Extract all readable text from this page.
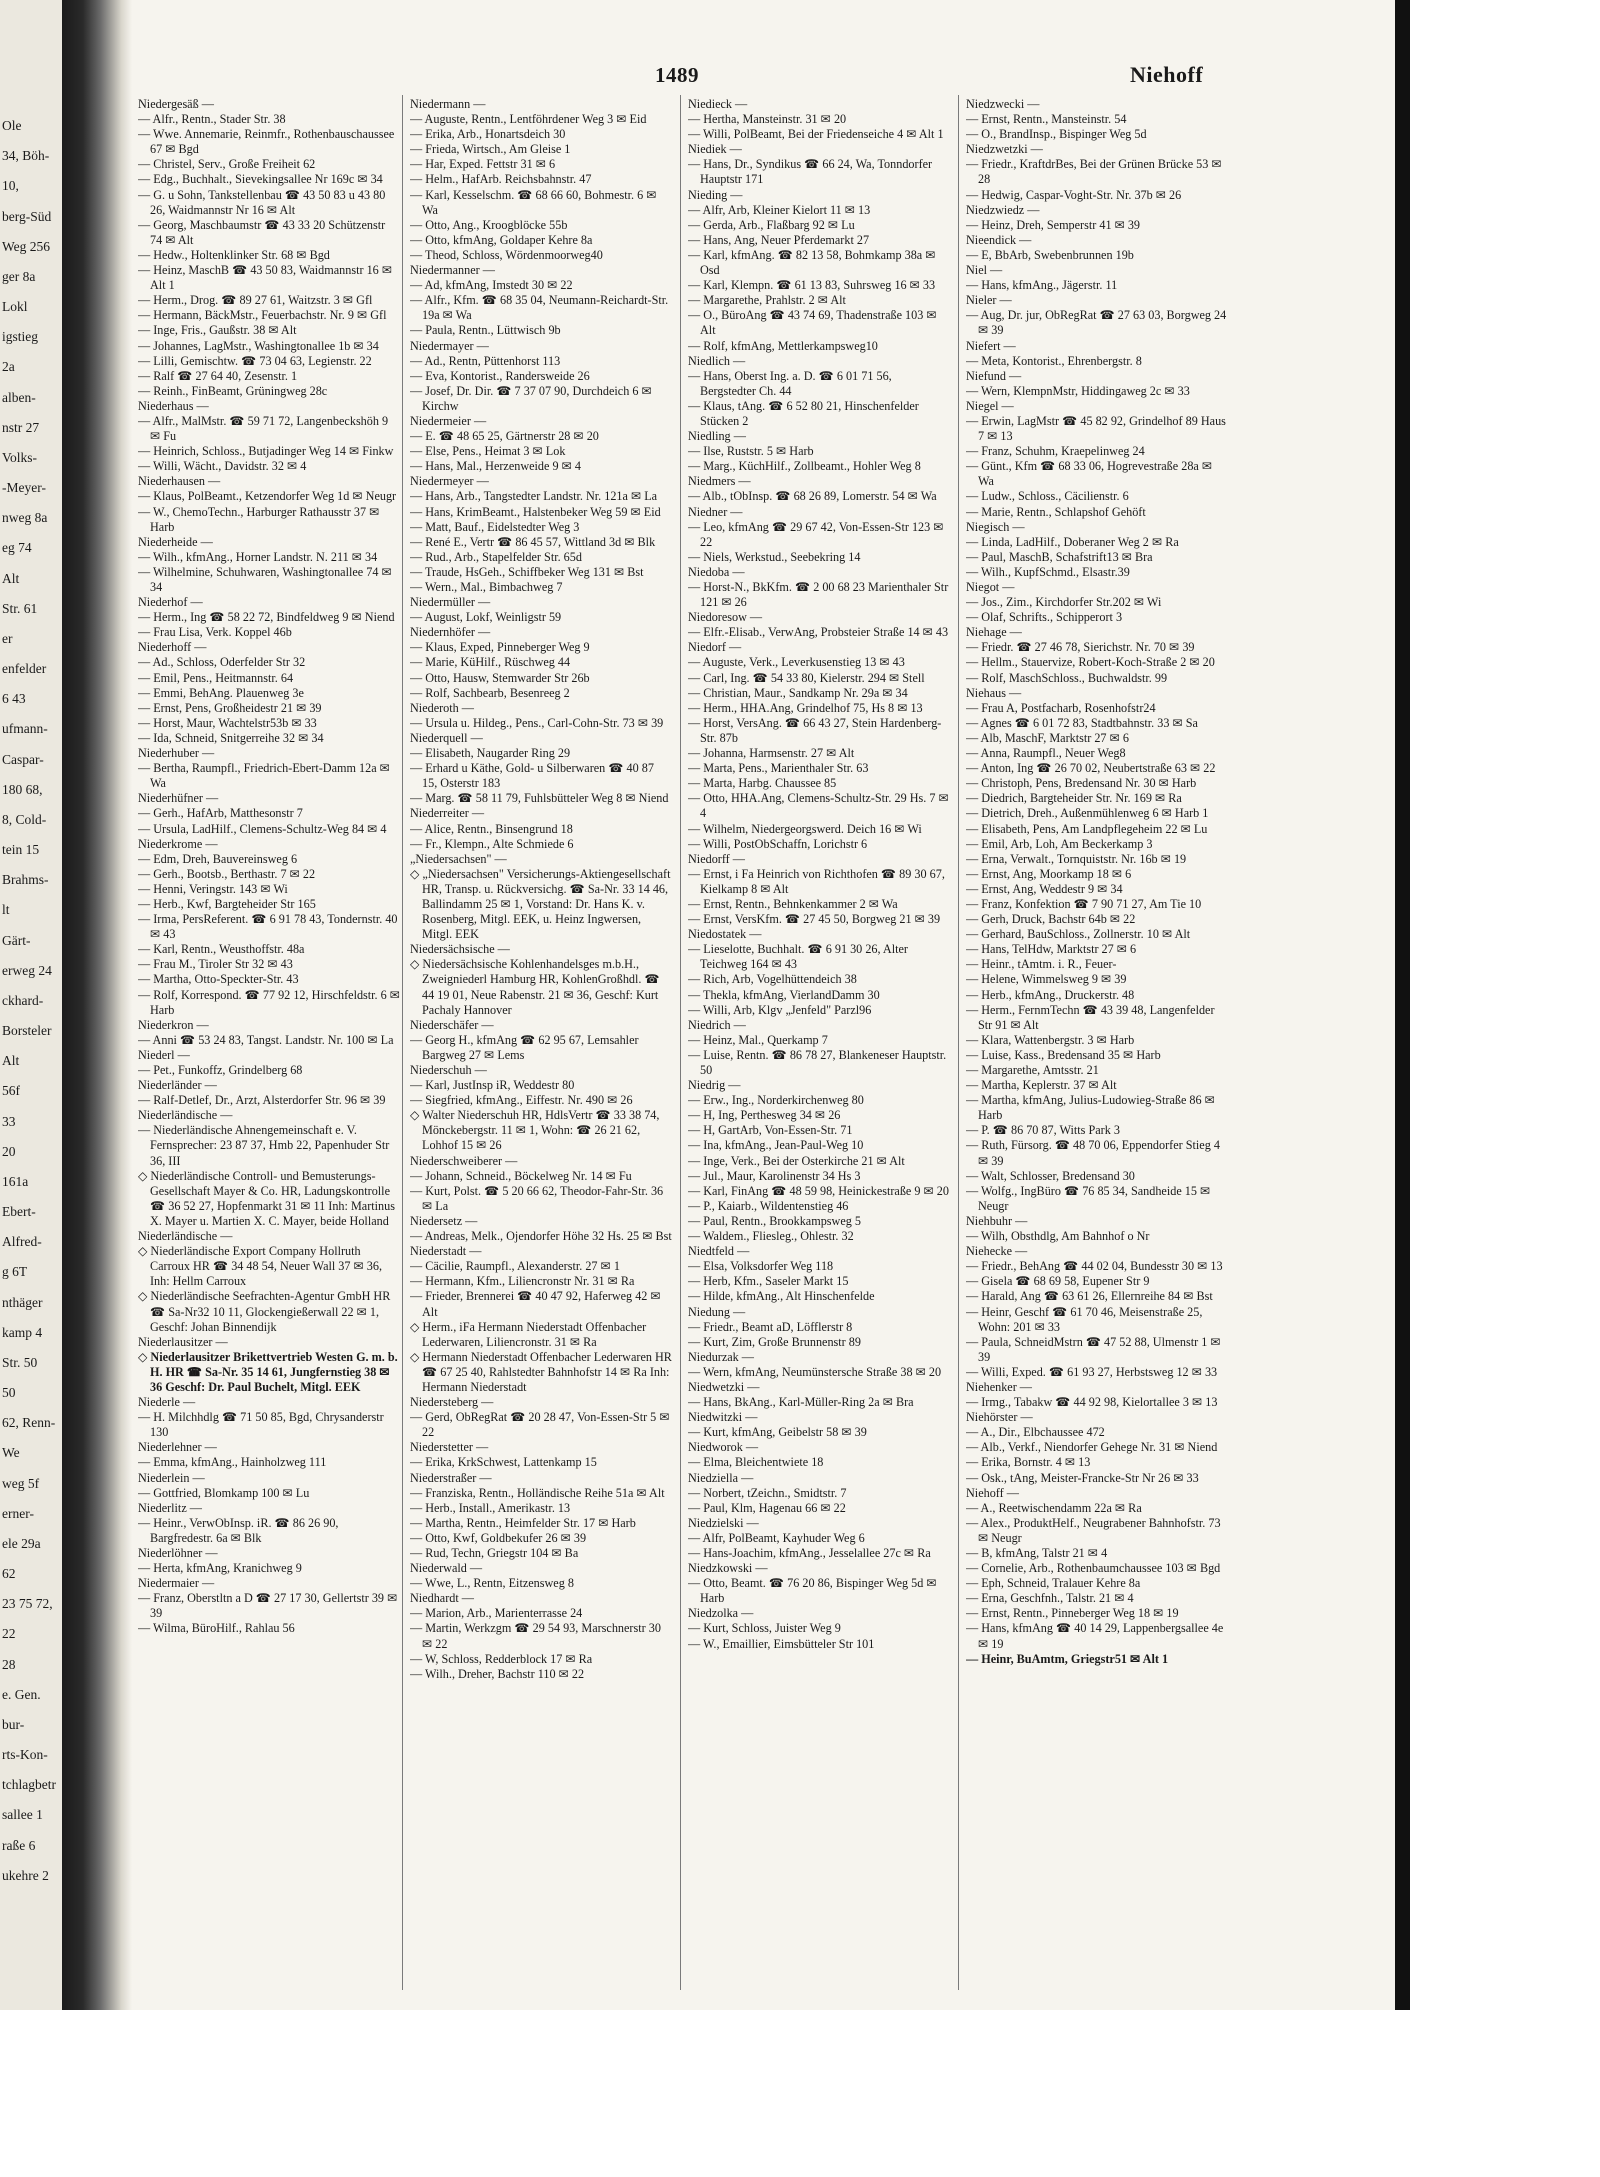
Ole
34, Böh-
10,
berg-Süd
Weg 256
ger 8a
Lokl
igstieg
2a
alben-
nstr 27
Volks-
-Meyer-
nweg 8a
eg 74
Alt
Str. 61
er
enfelder
6 43
ufmann-
Caspar-
180 68,
8, Cold-
tein 15
Brahms-
lt
Gärt-
erweg 24
ckhard-
Borsteler
Alt
56f
33
20
161a
Ebert-
Alfred-
g 6T
nthäger
kamp 4
Str. 50
50
62, Renn-
We
weg 5f
erner-
ele 29a
62
23 75 72,
22
28
e. Gen.
bur-
rts-Kon-
tchlagbetr
sallee 1
raße 6
ukehre 2
1489	Niehoff
Niedergesäß —
— Alfr., Rentn., Stader Str. 38
— Wwe. Annemarie, Reinmfr., Rothenbauschaussee 67 ✉ Bgd
— Christel, Serv., Große Freiheit 62
— Edg., Buchhalt., Sievekingsallee Nr 169c ✉ 34
— G. u Sohn, Tankstellenbau ☎ 43 50 83 u 43 80 26, Waidmannstr Nr 16 ✉ Alt
— Georg, Maschbaumstr ☎ 43 33 20 Schützenstr 74 ✉ Alt
— Hedw., Holtenklinker Str. 68 ✉ Bgd
— Heinz, MaschB ☎ 43 50 83, Waidmannstr 16 ✉ Alt 1
— Herm., Drog. ☎ 89 27 61, Waitzstr. 3 ✉ Gfl
— Hermann, BäckMstr., Feuerbachstr. Nr. 9 ✉ Gfl
— Inge, Fris., Gaußstr. 38 ✉ Alt
— Johannes, LagMstr., Washingtonallee 1b ✉ 34
— Lilli, Gemischtw. ☎ 73 04 63, Legienstr. 22
— Ralf ☎ 27 64 40, Zesenstr. 1
— Reinh., FinBeamt, Grüningweg 28c
Niederhaus —
— Alfr., MalMstr. ☎ 59 71 72, Langenbeckshöh 9 ✉ Fu
— Heinrich, Schloss., Butjadinger Weg 14 ✉ Finkw
— Willi, Wächt., Davidstr. 32 ✉ 4
Niederhausen —
— Klaus, PolBeamt., Ketzendorfer Weg 1d ✉ Neugr
— W., ChemoTechn., Harburger Rathausstr 37 ✉ Harb
Niederheide —
— Wilh., kfmAng., Horner Landstr. N. 211 ✉ 34
— Wilhelmine, Schuhwaren, Washingtonallee 74 ✉ 34
Niederhof —
— Herm., Ing ☎ 58 22 72, Bindfeldweg 9 ✉ Niend
— Frau Lisa, Verk. Koppel 46b
Niederhoff —
— Ad., Schloss, Oderfelder Str 32
— Emil, Pens., Heitmannstr. 64
— Emmi, BehAng. Plauenweg 3e
— Ernst, Pens, Großheidestr 21 ✉ 39
— Horst, Maur, Wachtelstr53b ✉ 33
— Ida, Schneid, Snitgerreihe 32 ✉ 34
Niederhuber —
— Bertha, Raumpfl., Friedrich-Ebert-Damm 12a ✉ Wa
Niederhüfner —
— Gerh., HafArb, Matthesonstr 7
— Ursula, LadHilf., Clemens-Schultz-Weg 84 ✉ 4
Niederkrome —
— Edm, Dreh, Bauvereinsweg 6
— Gerh., Bootsb., Berthastr. 7 ✉ 22
— Henni, Veringstr. 143 ✉ Wi
— Herb., Kwf, Bargteheider Str 165
— Irma, PersReferent. ☎ 6 91 78 43, Tondernstr. 40 ✉ 43
— Karl, Rentn., Weusthoffstr. 48a
— Frau M., Tiroler Str 32 ✉ 43
— Martha, Otto-Speckter-Str. 43
— Rolf, Korrespond. ☎ 77 92 12, Hirschfeldstr. 6 ✉ Harb
Niederkron —
— Anni ☎ 53 24 83, Tangst. Landstr. Nr. 100 ✉ La
Niederl —
— Pet., Funkoffz, Grindelberg 68
Niederländer —
— Ralf-Detlef, Dr., Arzt, Alsterdorfer Str. 96 ✉ 39
Niederländische —
— Niederländische Ahnengemeinschaft e. V. Fernsprecher: 23 87 37, Hmb 22, Papenhuder Str 36, III
◇ Niederländische Controll- und Bemusterungs-Gesellschaft Mayer & Co. HR, Ladungskontrolle ☎ 36 52 27, Hopfenmarkt 31 ✉ 11 Inh: Martinus X. Mayer u. Martien X. C. Mayer, beide Holland
Niederländische —
◇ Niederländische Export Company Hollruth Carroux HR ☎ 34 48 54, Neuer Wall 37 ✉ 36, Inh: Hellm Carroux
◇ Niederländische Seefrachten-Agentur GmbH HR ☎ Sa-Nr32 10 11, Glockengießerwall 22 ✉ 1, Geschf: Johan Binnendijk
Niederlausitzer —
◇ Niederlausitzer Brikettvertrieb Westen G. m. b. H. HR ☎ Sa-Nr. 35 14 61, Jungfernstieg 38 ✉ 36 Geschf: Dr. Paul Buchelt, Mitgl. EEK
Niederle —
— H. Milchhdlg ☎ 71 50 85, Bgd, Chrysanderstr 130
Niederlehner —
— Emma, kfmAng., Hainholzweg 111
Niederlein —
— Gottfried, Blomkamp 100 ✉ Lu
Niederlitz —
— Heinr., VerwObInsp. iR. ☎ 86 26 90, Bargfredestr. 6a ✉ Blk
Niederlöhner —
— Herta, kfmAng, Kranichweg 9
Niedermaier —
— Franz, Oberstltn a D ☎ 27 17 30, Gellertstr 39 ✉ 39
— Wilma, BüroHilf., Rahlau 56
Niedermann —
— Auguste, Rentn., Lentföhrdener Weg 3 ✉ Eid
— Erika, Arb., Honartsdeich 30
— Frieda, Wirtsch., Am Gleise 1
— Har, Exped. Fettstr 31 ✉ 6
— Helm., HafArb. Reichsbahnstr. 47
— Karl, Kesselschm. ☎ 68 66 60, Bohmestr. 6 ✉ Wa
— Otto, Ang., Kroogblöcke 55b
— Otto, kfmAng, Goldaper Kehre 8a
— Theod, Schloss, Wördenmoorweg40
Niedermanner —
— Ad, kfmAng, Imstedt 30 ✉ 22
— Alfr., Kfm. ☎ 68 35 04, Neumann-Reichardt-Str. 19a ✉ Wa
— Paula, Rentn., Lüttwisch 9b
Niedermayer —
— Ad., Rentn, Püttenhorst 113
— Eva, Kontorist., Randersweide 26
— Josef, Dr. Dir. ☎ 7 37 07 90, Durchdeich 6 ✉ Kirchw
Niedermeier —
— E. ☎ 48 65 25, Gärtnerstr 28 ✉ 20
— Else, Pens., Heimat 3 ✉ Lok
— Hans, Mal., Herzenweide 9 ✉ 4
Niedermeyer —
— Hans, Arb., Tangstedter Landstr. Nr. 121a ✉ La
— Hans, KrimBeamt., Halstenbeker Weg 59 ✉ Eid
— Matt, Bauf., Eidelstedter Weg 3
— René E., Vertr ☎ 86 45 57, Wittland 3d ✉ Blk
— Rud., Arb., Stapelfelder Str. 65d
— Traude, HsGeh., Schiffbeker Weg 131 ✉ Bst
— Wern., Mal., Bimbachweg 7
Niedermüller —
— August, Lokf, Weinligstr 59
Niedernhöfer —
— Klaus, Exped, Pinneberger Weg 9
— Marie, KüHilf., Rüschweg 44
— Otto, Hausw, Stemwarder Str 26b
— Rolf, Sachbearb, Besenreeg 2
Niederoth —
— Ursula u. Hildeg., Pens., Carl-Cohn-Str. 73 ✉ 39
Niederquell —
— Elisabeth, Naugarder Ring 29
— Erhard u Käthe, Gold- u Silberwaren ☎ 40 87 15, Osterstr 183
— Marg. ☎ 58 11 79, Fuhlsbütteler Weg 8 ✉ Niend
Niederreiter —
— Alice, Rentn., Binsengrund 18
— Fr., Klempn., Alte Schmiede 6
„Niedersachsen" —
◇ „Niedersachsen" Versicherungs-Aktiengesellschaft HR, Transp. u. Rückversichg. ☎ Sa-Nr. 33 14 46, Ballindamm 25 ✉ 1, Vorstand: Dr. Hans K. v. Rosenberg, Mitgl. EEK, u. Heinz Ingwersen, Mitgl. EEK
Niedersächsische —
◇ Niedersächsische Kohlenhandelsges m.b.H., Zweigniederl Hamburg HR, KohlenGroßhdl. ☎ 44 19 01, Neue Rabenstr. 21 ✉ 36, Geschf: Kurt Pachaly Hannover
Niederschäfer —
— Georg H., kfmAng ☎ 62 95 67, Lemsahler Bargweg 27 ✉ Lems
Niederschuh —
— Karl, JustInsp iR, Weddestr 80
— Siegfried, kfmAng., Eiffestr. Nr. 490 ✉ 26
◇ Walter Niederschuh HR, HdlsVertr ☎ 33 38 74, Mönckebergstr. 11 ✉ 1, Wohn: ☎ 26 21 62, Lohhof 15 ✉ 26
Niederschweiberer —
— Johann, Schneid., Böckelweg Nr. 14 ✉ Fu
— Kurt, Polst. ☎ 5 20 66 62, Theodor-Fahr-Str. 36 ✉ La
Niedersetz —
— Andreas, Melk., Ojendorfer Höhe 32 Hs. 25 ✉ Bst
Niederstadt —
— Cäcilie, Raumpfl., Alexanderstr. 27 ✉ 1
— Hermann, Kfm., Liliencronstr Nr. 31 ✉ Ra
— Frieder, Brennerei ☎ 40 47 92, Haferweg 42 ✉ Alt
◇ Herm., iFa Hermann Niederstadt Offenbacher Lederwaren, Liliencronstr. 31 ✉ Ra
◇ Hermann Niederstadt Offenbacher Lederwaren HR ☎ 67 25 40, Rahlstedter Bahnhofstr 14 ✉ Ra Inh: Hermann Niederstadt
Niedersteberg —
— Gerd, ObRegRat ☎ 20 28 47, Von-Essen-Str 5 ✉ 22
Niederstetter —
— Erika, KrkSchwest, Lattenkamp 15
Niederstraßer —
— Franziska, Rentn., Holländische Reihe 51a ✉ Alt
— Herb., Install., Amerikastr. 13
— Martha, Rentn., Heimfelder Str. 17 ✉ Harb
— Otto, Kwf, Goldbekufer 26 ✉ 39
— Rud, Techn, Griegstr 104 ✉ Ba
Niederwald —
— Wwe, L., Rentn, Eitzensweg 8
Niedhardt —
— Marion, Arb., Marienterrasse 24
— Martin, Werkzgm ☎ 29 54 93, Marschnerstr 30 ✉ 22
— W, Schloss, Redderblock 17 ✉ Ra
— Wilh., Dreher, Bachstr 110 ✉ 22
Niedieck —
— Hertha, Mansteinstr. 31 ✉ 20
— Willi, PolBeamt, Bei der Friedenseiche 4 ✉ Alt 1
Niediek —
— Hans, Dr., Syndikus ☎ 66 24, Wa, Tonndorfer Hauptstr 171
Nieding —
— Alfr, Arb, Kleiner Kielort 11 ✉ 13
— Gerda, Arb., Flaßbarg 92 ✉ Lu
— Hans, Ang, Neuer Pferdemarkt 27
— Karl, kfmAng. ☎ 82 13 58, Bohmkamp 38a ✉ Osd
— Karl, Klempn. ☎ 61 13 83, Suhrsweg 16 ✉ 33
— Margarethe, Prahlstr. 2 ✉ Alt
— O., BüroAng ☎ 43 74 69, Thadenstraße 103 ✉ Alt
— Rolf, kfmAng, Mettlerkampsweg10
Niedlich —
— Hans, Oberst Ing. a. D. ☎ 6 01 71 56, Bergstedter Ch. 44
— Klaus, tAng. ☎ 6 52 80 21, Hinschenfelder Stücken 2
Niedling —
— Ilse, Ruststr. 5 ✉ Harb
— Marg., KüchHilf., Zollbeamt., Hohler Weg 8
Niedmers —
— Alb., tObInsp. ☎ 68 26 89, Lomerstr. 54 ✉ Wa
Niedner —
— Leo, kfmAng ☎ 29 67 42, Von-Essen-Str 123 ✉ 22
— Niels, Werkstud., Seebekring 14
Niedoba —
— Horst-N., BkKfm. ☎ 2 00 68 23 Marienthaler Str 121 ✉ 26
Niedoresow —
— Elfr.-Elisab., VerwAng, Probsteier Straße 14 ✉ 43
Niedorf —
— Auguste, Verk., Leverkusenstieg 13 ✉ 43
— Carl, Ing. ☎ 54 33 80, Kielerstr. 294 ✉ Stell
— Christian, Maur., Sandkamp Nr. 29a ✉ 34
— Herm., HHA.Ang, Grindelhof 75, Hs 8 ✉ 13
— Horst, VersAng. ☎ 66 43 27, Stein Hardenberg-Str. 87b
— Johanna, Harmsenstr. 27 ✉ Alt
— Marta, Pens., Marienthaler Str. 63
— Marta, Harbg. Chaussee 85
— Otto, HHA.Ang, Clemens-Schultz-Str. 29 Hs. 7 ✉ 4
— Wilhelm, Niedergeorgswerd. Deich 16 ✉ Wi
— Willi, PostObSchaffn, Lorichstr 6
Niedorff —
— Ernst, i Fa Heinrich von Richthofen ☎ 89 30 67, Kielkamp 8 ✉ Alt
— Ernst, Rentn., Behnkenkammer 2 ✉ Wa
— Ernst, VersKfm. ☎ 27 45 50, Borgweg 21 ✉ 39
Niedostatek —
— Lieselotte, Buchhalt. ☎ 6 91 30 26, Alter Teichweg 164 ✉ 43
— Rich, Arb, Vogelhüttendeich 38
— Thekla, kfmAng, VierlandDamm 30
— Willi, Arb, Klgv „Jenfeld" Parzl96
Niedrich —
— Heinz, Mal., Querkamp 7
— Luise, Rentn. ☎ 86 78 27, Blankeneser Hauptstr. 50
Niedrig —
— Erw., Ing., Norderkirchenweg 80
— H, Ing, Perthesweg 34 ✉ 26
— H, GartArb, Von-Essen-Str. 71
— Ina, kfmAng., Jean-Paul-Weg 10
— Inge, Verk., Bei der Osterkirche 21 ✉ Alt
— Jul., Maur, Karolinenstr 34 Hs 3
— Karl, FinAng ☎ 48 59 98, Heinickestraße 9 ✉ 20
— P., Kaiarb., Wildentenstieg 46
— Paul, Rentn., Brookkampsweg 5
— Waldem., Fliesleg., Ohlestr. 32
Niedtfeld —
— Elsa, Volksdorfer Weg 118
— Herb, Kfm., Saseler Markt 15
— Hilde, kfmAng., Alt Hinschenfelde
Niedung —
— Friedr., Beamt aD, Löfflerstr 8
— Kurt, Zim, Große Brunnenstr 89
Niedurzak —
— Wern, kfmAng, Neumünstersche Straße 38 ✉ 20
Niedwetzki —
— Hans, BkAng., Karl-Müller-Ring 2a ✉ Bra
Niedwitzki —
— Kurt, kfmAng, Geibelstr 58 ✉ 39
Niedworok —
— Elma, Bleichentwiete 18
Niedziella —
— Norbert, tZeichn., Smidtstr. 7
— Paul, Klm, Hagenau 66 ✉ 22
Niedzielski —
— Alfr, PolBeamt, Kayhuder Weg 6
— Hans-Joachim, kfmAng., Jesselallee 27c ✉ Ra
Niedzkowski —
— Otto, Beamt. ☎ 76 20 86, Bispinger Weg 5d ✉ Harb
Niedzolka —
— Kurt, Schloss, Juister Weg 9
— W., Emaillier, Eimsbütteler Str 101
Niedzwecki —
— Ernst, Rentn., Mansteinstr. 54
— O., BrandInsp., Bispinger Weg 5d
Niedzwetzki —
— Friedr., KraftdrBes, Bei der Grünen Brücke 53 ✉ 28
— Hedwig, Caspar-Voght-Str. Nr. 37b ✉ 26
Niedzwiedz —
— Heinz, Dreh, Semperstr 41 ✉ 39
Nieendick —
— E, BbArb, Swebenbrunnen 19b
Niel —
— Hans, kfmAng., Jägerstr. 11
Nieler —
— Aug, Dr. jur, ObRegRat ☎ 27 63 03, Borgweg 24 ✉ 39
Niefert —
— Meta, Kontorist., Ehrenbergstr. 8
Niefund —
— Wern, KlempnMstr, Hiddingaweg 2c ✉ 33
Niegel —
— Erwin, LagMstr ☎ 45 82 92, Grindelhof 89 Haus 7 ✉ 13
— Franz, Schuhm, Kraepelinweg 24
— Günt., Kfm ☎ 68 33 06, Hogrevestraße 28a ✉ Wa
— Ludw., Schloss., Cäcilienstr. 6
— Marie, Rentn., Schlapshof Gehöft
Niegisch —
— Linda, LadHilf., Doberaner Weg 2 ✉ Ra
— Paul, MaschB, Schafstrift13 ✉ Bra
— Wilh., KupfSchmd., Elsastr.39
Niegot —
— Jos., Zim., Kirchdorfer Str.202 ✉ Wi
— Olaf, Schrifts., Schipperort 3
Niehage —
— Friedr. ☎ 27 46 78, Sierichstr. Nr. 70 ✉ 39
— Hellm., Stauervize, Robert-Koch-Straße 2 ✉ 20
— Rolf, MaschSchloss., Buchwaldstr. 99
Niehaus —
— Frau A, Postfacharb, Rosenhofstr24
— Agnes ☎ 6 01 72 83, Stadtbahnstr. 33 ✉ Sa
— Alb, MaschF, Marktstr 27 ✉ 6
— Anna, Raumpfl., Neuer Weg8
— Anton, Ing ☎ 26 70 02, Neubertstraße 63 ✉ 22
— Christoph, Pens, Bredensand Nr. 30 ✉ Harb
— Diedrich, Bargteheider Str. Nr. 169 ✉ Ra
— Dietrich, Dreh., Außenmühlenweg 6 ✉ Harb 1
— Elisabeth, Pens, Am Landpflegeheim 22 ✉ Lu
— Emil, Arb, Loh, Am Beckerkamp 3
— Erna, Verwalt., Tornquiststr. Nr. 16b ✉ 19
— Ernst, Ang, Moorkamp 18 ✉ 6
— Ernst, Ang, Weddestr 9 ✉ 34
— Franz, Konfektion ☎ 7 90 71 27, Am Tie 10
— Gerh, Druck, Bachstr 64b ✉ 22
— Gerhard, BauSchloss., Zollnerstr. 10 ✉ Alt
— Hans, TelHdw, Marktstr 27 ✉ 6
— Heinr., tAmtm. i. R., Feuer-
— Helene, Wimmelsweg 9 ✉ 39
— Herb., kfmAng., Druckerstr. 48
— Herm., FernmTechn ☎ 43 39 48, Langenfelder Str 91 ✉ Alt
— Klara, Wattenbergstr. 3 ✉ Harb
— Luise, Kass., Bredensand 35 ✉ Harb
— Margarethe, Amtsstr. 21
— Martha, Keplerstr. 37 ✉ Alt
— Martha, kfmAng, Julius-Ludowieg-Straße 86 ✉ Harb
— P. ☎ 86 70 87, Witts Park 3
— Ruth, Fürsorg. ☎ 48 70 06, Eppendorfer Stieg 4 ✉ 39
— Walt, Schlosser, Bredensand 30
— Wolfg., IngBüro ☎ 76 85 34, Sandheide 15 ✉ Neugr
Niehbuhr —
— Wilh, Obsthdlg, Am Bahnhof o Nr
Niehecke —
— Friedr., BehAng ☎ 44 02 04, Bundesstr 30 ✉ 13
— Gisela ☎ 68 69 58, Eupener Str 9
— Harald, Ang ☎ 63 61 26, Ellernreihe 84 ✉ Bst
— Heinr, Geschf ☎ 61 70 46, Meisenstraße 25, Wohn: 201 ✉ 33
— Paula, SchneidMstrn ☎ 47 52 88, Ulmenstr 1 ✉ 39
— Willi, Exped. ☎ 61 93 27, Herbstsweg 12 ✉ 33
Niehenker —
— Irmg., Tabakw ☎ 44 92 98, Kielortallee 3 ✉ 13
Niehörster —
— A., Dir., Elbchaussee 472
— Alb., Verkf., Niendorfer Gehege Nr. 31 ✉ Niend
— Erika, Bornstr. 4 ✉ 13
— Osk., tAng, Meister-Francke-Str Nr 26 ✉ 33
Niehoff —
— A., Reetwischendamm 22a ✉ Ra
— Alex., ProduktHelf., Neugrabener Bahnhofstr. 73 ✉ Neugr
— B, kfmAng, Talstr 21 ✉ 4
— Cornelie, Arb., Rothenbaumchaussee 103 ✉ Bgd
— Eph, Schneid, Tralauer Kehre 8a
— Erna, Geschfnh., Talstr. 21 ✉ 4
— Ernst, Rentn., Pinneberger Weg 18 ✉ 19
— Hans, kfmAng ☎ 40 14 29, Lappenbergsallee 4e ✉ 19
— Heinr, BuAmtm, Griegstr51 ✉ Alt 1
